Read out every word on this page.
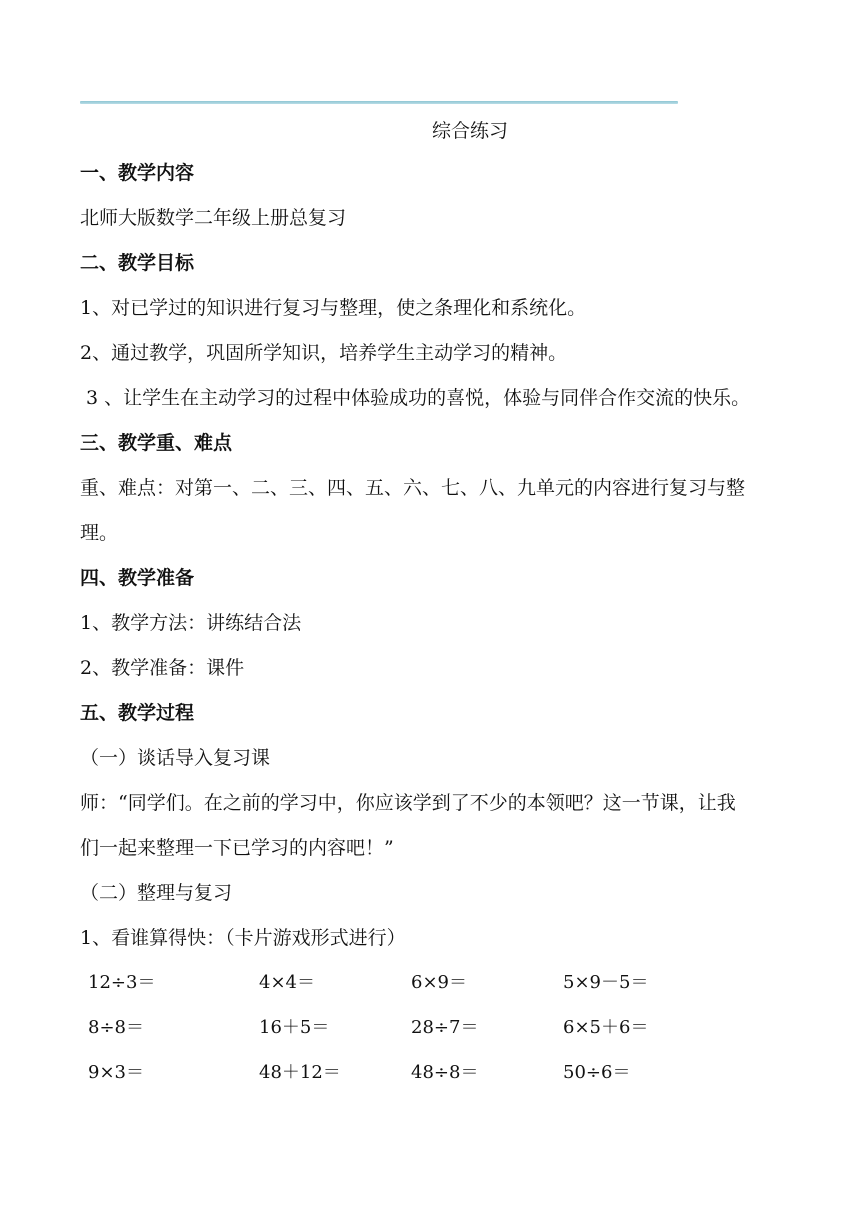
综合练习
一、教学内容
北师大版数学二年级上册总复习
二、教学目标
1、对已学过的知识进行复习与整理，使之条理化和系统化。
2、通过教学，巩固所学知识，培养学生主动学习的精神。
3 、让学生在主动学习的过程中体验成功的喜悦，体验与同伴合作交流的快乐。
三、教学重、难点
重、难点：对第一、二、三、四、五、六、七、八、九单元的内容进行复习与整
理。
四、教学准备
1、教学方法：讲练结合法
2、教学准备：课件
五、教学过程
（一）谈话导入复习课
师：“同学们。在之前的学习中，你应该学到了不少的本领吧？这一节课，让我
们一起来整理一下已学习的内容吧！”
（二）整理与复习
1、看谁算得快：（卡片游戏形式进行）
12÷3＝	4×4＝	6×9＝	5×9－5＝
8÷8＝	16＋5＝	28÷7＝	6×5＋6＝
9×3＝	48＋12＝	48÷8＝	50÷6＝
